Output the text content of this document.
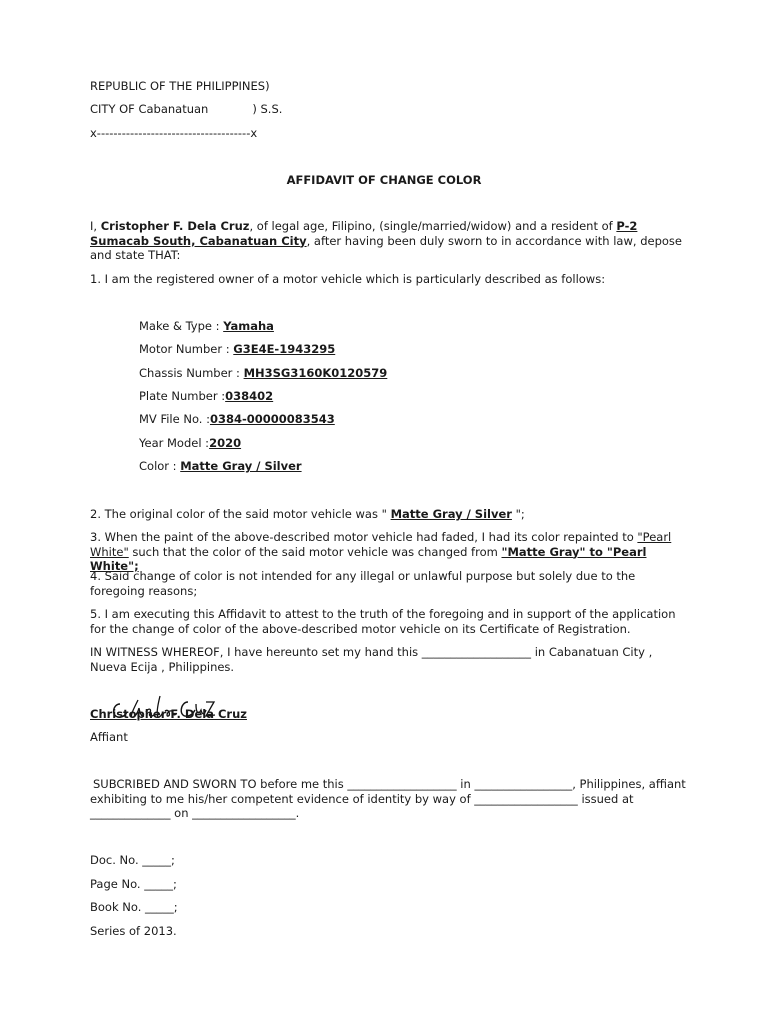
REPUBLIC OF THE PHILIPPINES)
CITY OF Cabanatuan	) S.S.
x-------------------------------------x
AFFIDAVIT OF CHANGE COLOR
I, Cristopher F. Dela Cruz, of legal age, Filipino, (single/married/widow) and a resident of P-2 Sumacab South, Cabanatuan City, after having been duly sworn to in accordance with law, depose and state THAT:
1. I am the registered owner of a motor vehicle which is particularly described as follows:
Make & Type : Yamaha
Motor Number : G3E4E-1943295
Chassis Number : MH3SG3160K0120579
Plate Number :038402
MV File No. :0384-00000083543
Year Model :2020
Color : Matte Gray / Silver
2. The original color of the said motor vehicle was " Matte Gray / Silver ";
3. When the paint of the above-described motor vehicle had faded, I had its color repainted to "Pearl White" such that the color of the said motor vehicle was changed from "Matte Gray" to "Pearl White";
4. Said change of color is not intended for any illegal or unlawful purpose but solely due to the foregoing reasons;
5. I am executing this Affidavit to attest to the truth of the foregoing and in support of the application for the change of color of the above-described motor vehicle on its Certificate of Registration.
IN WITNESS WHEREOF, I have hereunto set my hand this ___________________ in Cabanatuan City , Nueva Ecija , Philippines.
Christopher F. Dela Cruz
Affiant
SUBCRIBED AND SWORN TO before me this ___________________ in _________________, Philippines, affiant exhibiting to me his/her competent evidence of identity by way of __________________ issued at ______________ on __________________.
Doc. No. _____;
Page No. _____;
Book No. _____;
Series of 2013.
